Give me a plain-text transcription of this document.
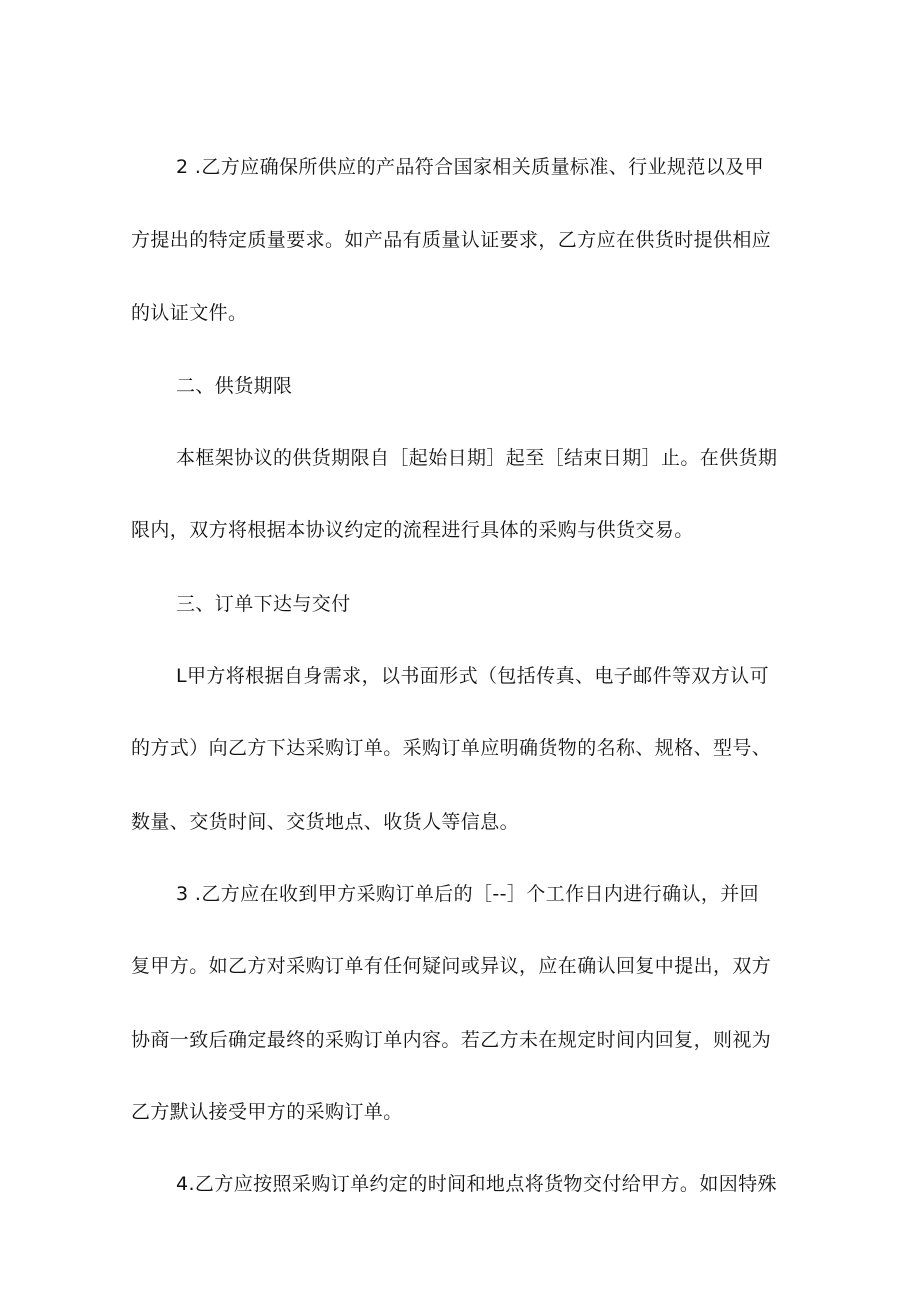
2 .乙方应确保所供应的产品符合国家相关质量标准、行业规范以及甲

方提出的特定质量要求。如产品有质量认证要求，乙方应在供货时提供相应

的认证文件。

二、供货期限

本框架协议的供货期限自［起始日期］起至［结束日期］止。在供货期

限内，双方将根据本协议约定的流程进行具体的采购与供货交易。

三、订单下达与交付

L甲方将根据自身需求，以书面形式（包括传真、电子邮件等双方认可

的方式）向乙方下达采购订单。采购订单应明确货物的名称、规格、型号、

数量、交货时间、交货地点、收货人等信息。

3 .乙方应在收到甲方采购订单后的［--］个工作日内进行确认，并回

复甲方。如乙方对采购订单有任何疑问或异议，应在确认回复中提出，双方

协商一致后确定最终的采购订单内容。若乙方未在规定时间内回复，则视为

乙方默认接受甲方的采购订单。

4.乙方应按照采购订单约定的时间和地点将货物交付给甲方。如因特殊
